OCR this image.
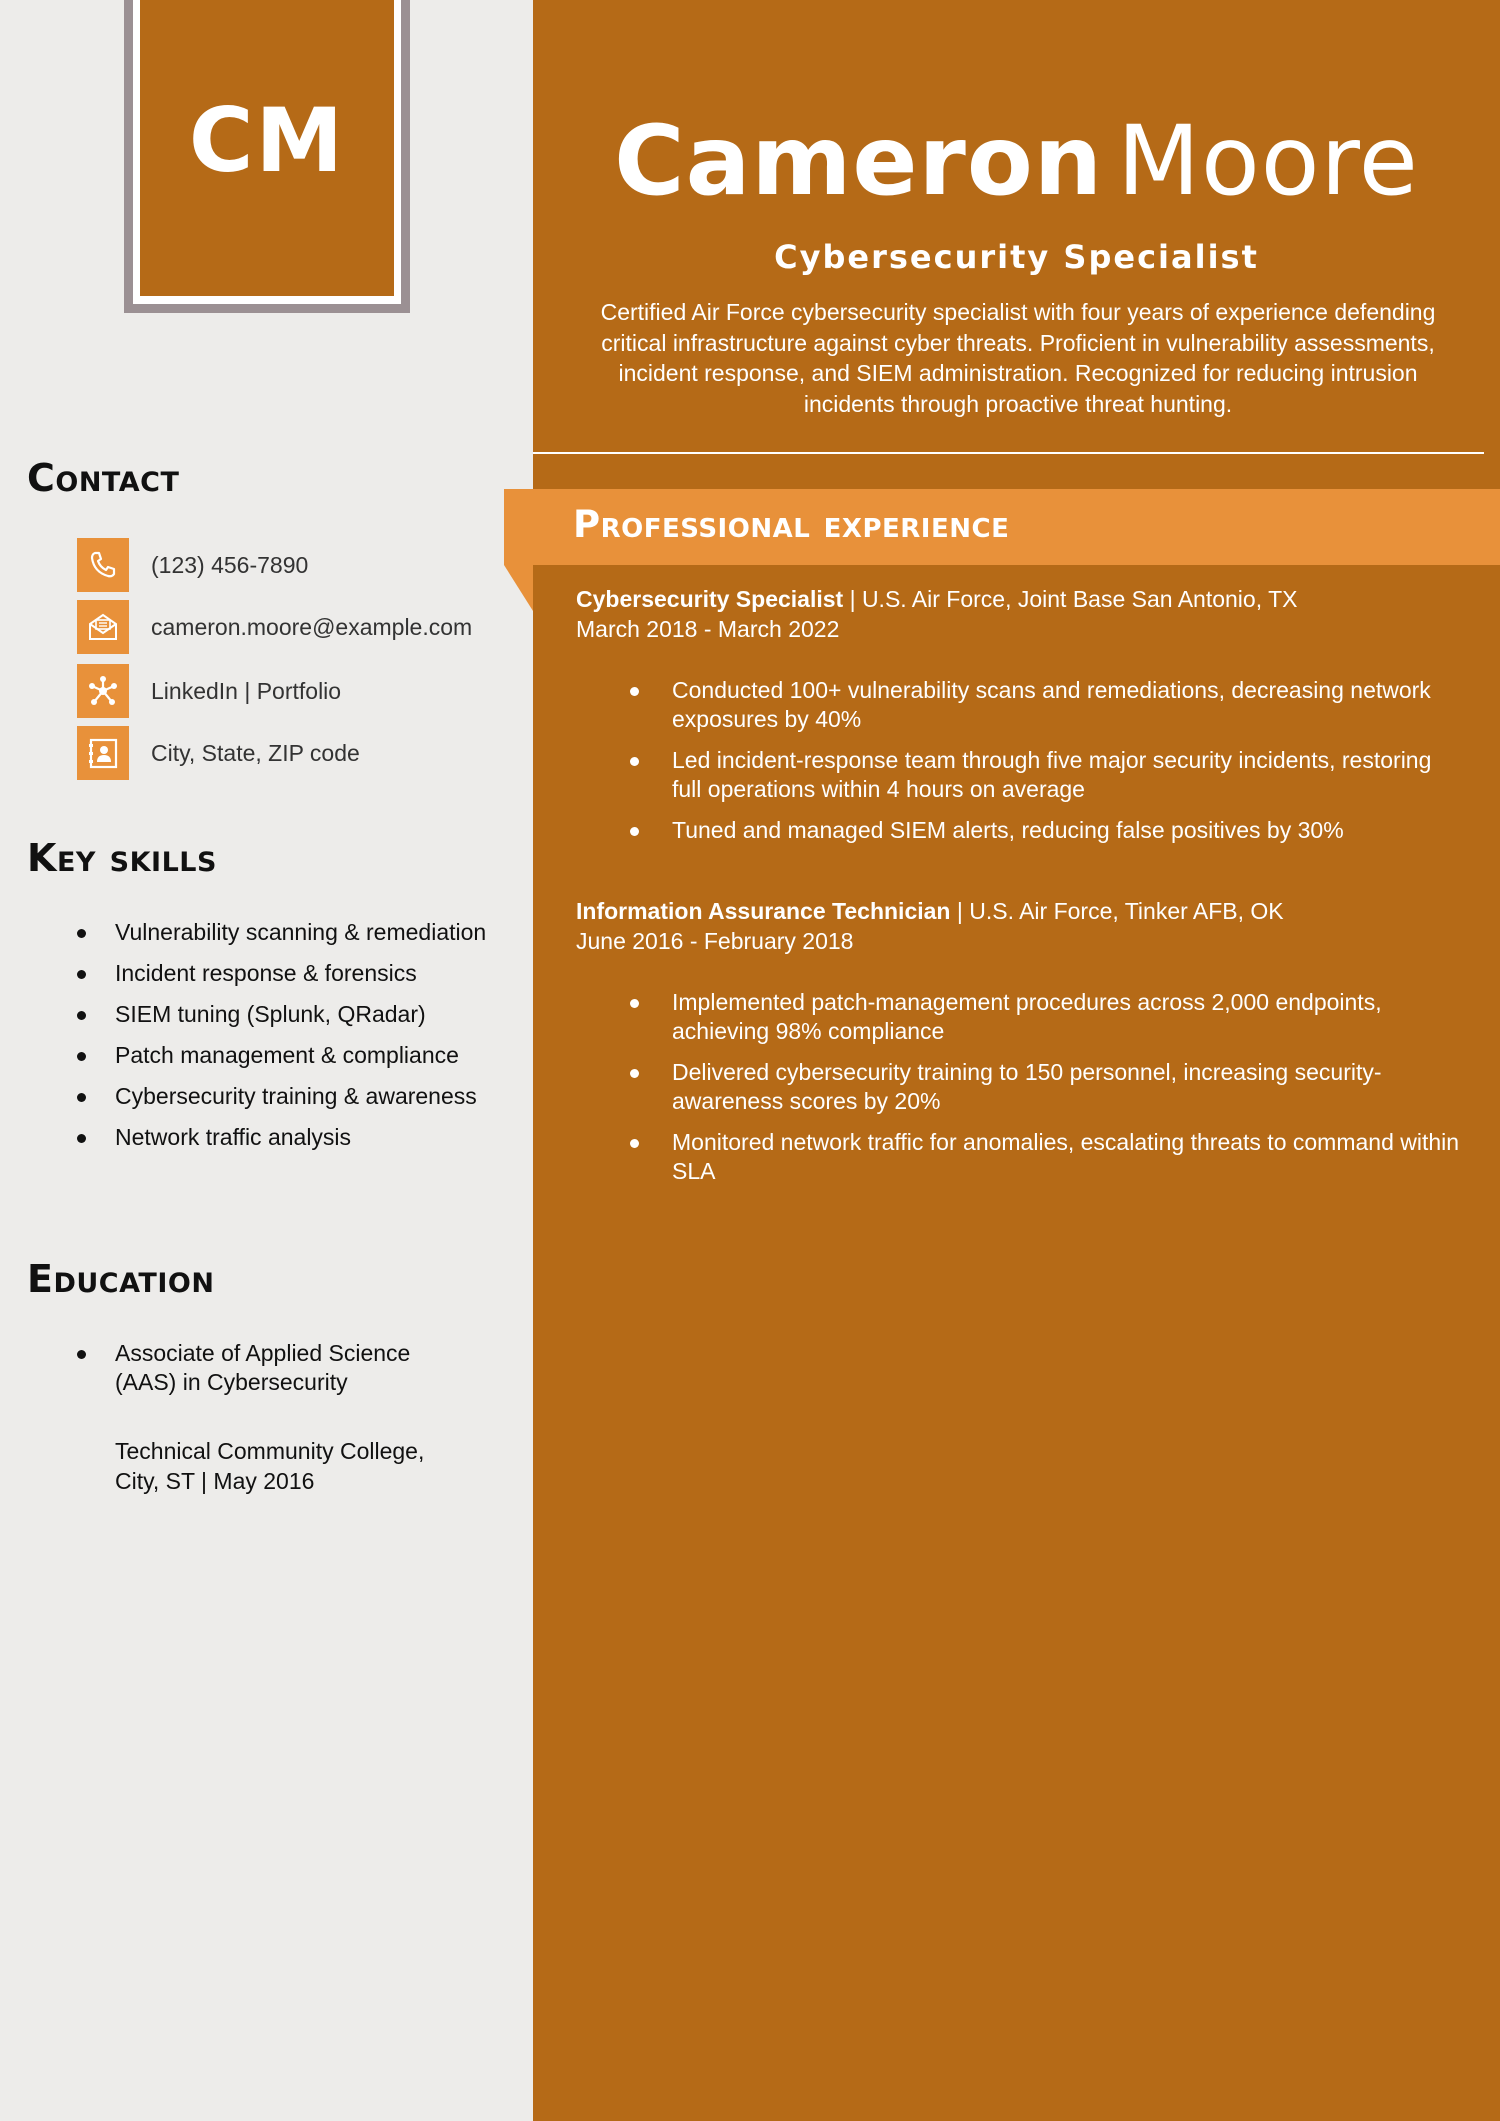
CM
Contact
(123) 456-7890
cameron.moore@example.com
LinkedIn | Portfolio
City, State, ZIP code
Key skills
Vulnerability scanning & remediation
Incident response & forensics
SIEM tuning (Splunk, QRadar)
Patch management & compliance
Cybersecurity training & awareness
Network traffic analysis
Education
Associate of Applied Science (AAS) in Cybersecurity
Technical Community College, City, ST | May 2016
Cameron Moore
Cybersecurity Specialist
Certified Air Force cybersecurity specialist with four years of experience defending critical infrastructure against cyber threats. Proficient in vulnerability assessments, incident response, and SIEM administration. Recognized for reducing intrusion incidents through proactive threat hunting.
Cybersecurity Specialist | U.S. Air Force, Joint Base San Antonio, TX
March 2018 - March 2022
Conducted 100+ vulnerability scans and remediations, decreasing network exposures by 40%
Led incident-response team through five major security incidents, restoring full operations within 4 hours on average
Tuned and managed SIEM alerts, reducing false positives by 30%
Information Assurance Technician | U.S. Air Force, Tinker AFB, OK
June 2016 - February 2018
Implemented patch-management procedures across 2,000 endpoints, achieving 98% compliance
Delivered cybersecurity training to 150 personnel, increasing security-awareness scores by 20%
Monitored network traffic for anomalies, escalating threats to command within SLA
Professional experience
